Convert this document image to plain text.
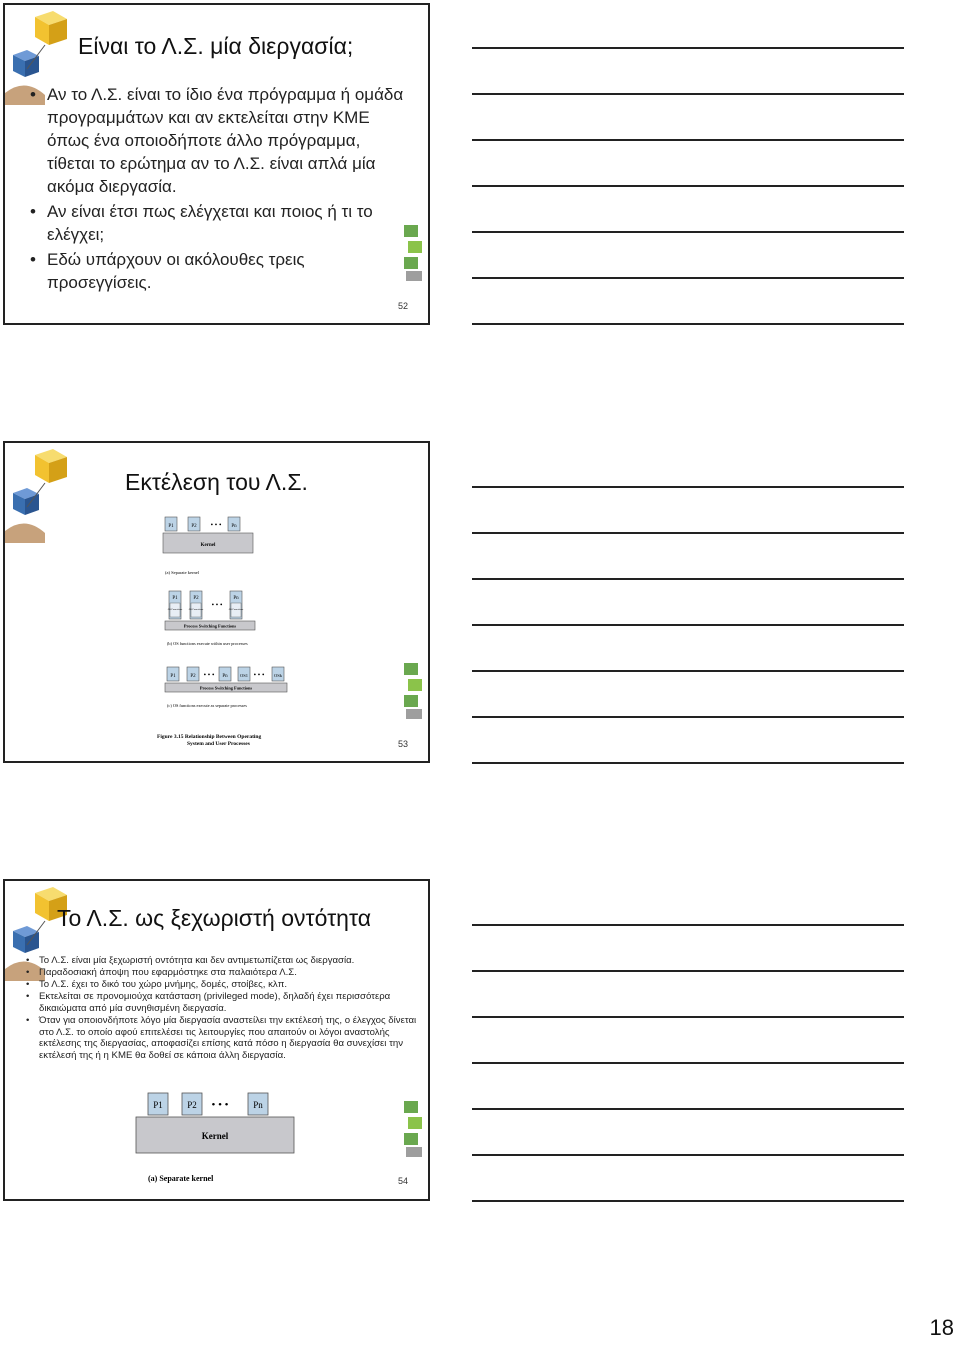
Είναι το Λ.Σ. μία διεργασία;
• Αν το Λ.Σ. είναι το ίδιο ένα πρόγραμμα ή ομάδα προγραμμάτων και αν εκτελείται στην ΚΜΕ όπως ένα οποιοδήποτε άλλο πρόγραμμα, τίθεται το ερώτημα αν το Λ.Σ. είναι απλά μία ακόμα διεργασία.
• Αν είναι έτσι πως ελέγχεται και ποιος ή τι το ελέγχει;
• Εδώ υπάρχουν οι ακόλουθες τρεις προσεγγίσεις.
52
Εκτέλεση του Λ.Σ.
P1	P2 • • • Pn
Kernel
(a) Separate kernel
P1
OS Func-tions
P2
OS Func-tions
• • •
Pn
OS Func-tions
Process Switching Functions
(b) OS functions execute within user processes
P1	P2 • • • Pn	OS1 • • • OSk
Process Switching Functions
(c) OS functions execute as separate processes
Figure 3.15 Relationship Between Operating
System and User Processes	53
Το Λ.Σ. ως ξεχωριστή οντότητα
• Το Λ.Σ. είναι μία ξεχωριστή οντότητα και δεν αντιμετωπίζεται ως διεργασία.
• Παραδοσιακή άποψη που εφαρμόστηκε στα παλαιότερα Λ.Σ.
• Το Λ.Σ. έχει το δικό του χώρο μνήμης, δομές, στοίβες, κλπ.
• Εκτελείται σε προνομιούχα κατάσταση (privileged mode), δηλαδή έχει περισσότερα δικαιώματα από μία συνηθισμένη διεργασία.
• Όταν για οποιονδήποτε λόγο μία διεργασία αναστείλει την εκτέλεσή της, ο έλεγχος δίνεται στο Λ.Σ. το οποίο αφού επιτελέσει τις λειτουργίες που απαιτούν οι λόγοι αναστολής εκτέλεσης της διεργασίας, αποφασίζει επίσης κατά πόσο η διεργασία θα συνεχίσει την εκτέλεσή της ή η ΚΜΕ θα δοθεί σε κάποια άλλη διεργασία.
P1	P2 • • •	Pn
Kernel
(a) Separate kernel	54
18
